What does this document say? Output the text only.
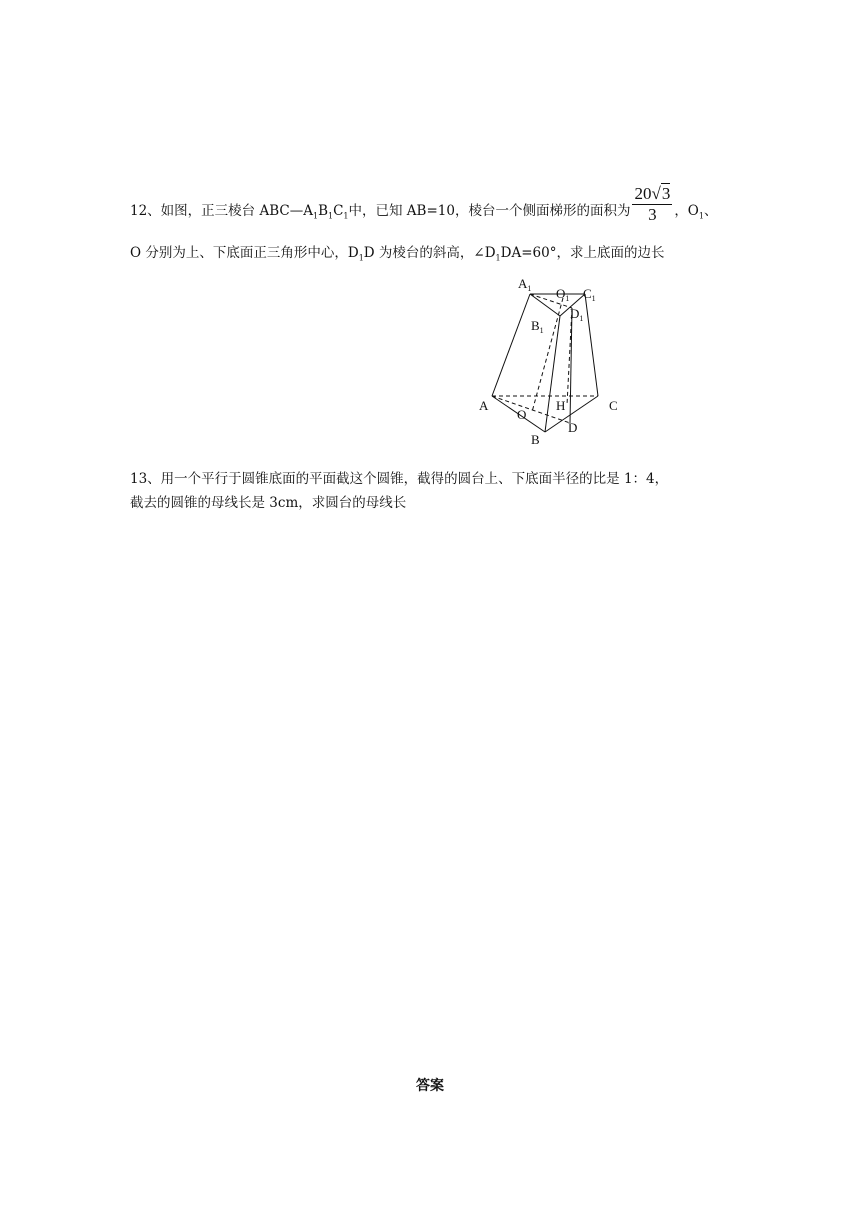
12、如图，正三棱台 $ABC—A_1B_1C_1$中，已知 AB=10，棱台一个侧面梯形的面积为 $\frac{20√3}{3}$ ，$O_1$、
O 分别为上、下底面正三角形中心，$D_1D$ 为棱台的斜高，$\angle D_1DA=60^\circ$，求上底面的边长
$A_1$ $O_1$ $C_1$
$D_1$
$B_1$
A	H	C
O
D
B
13、用一个平行于圆锥底面的平面截这个圆锥，截得的圆台上、下底面半径的比是 1：4，
截去的圆锥的母线长是 3cm，求圆台的母线长
答案
